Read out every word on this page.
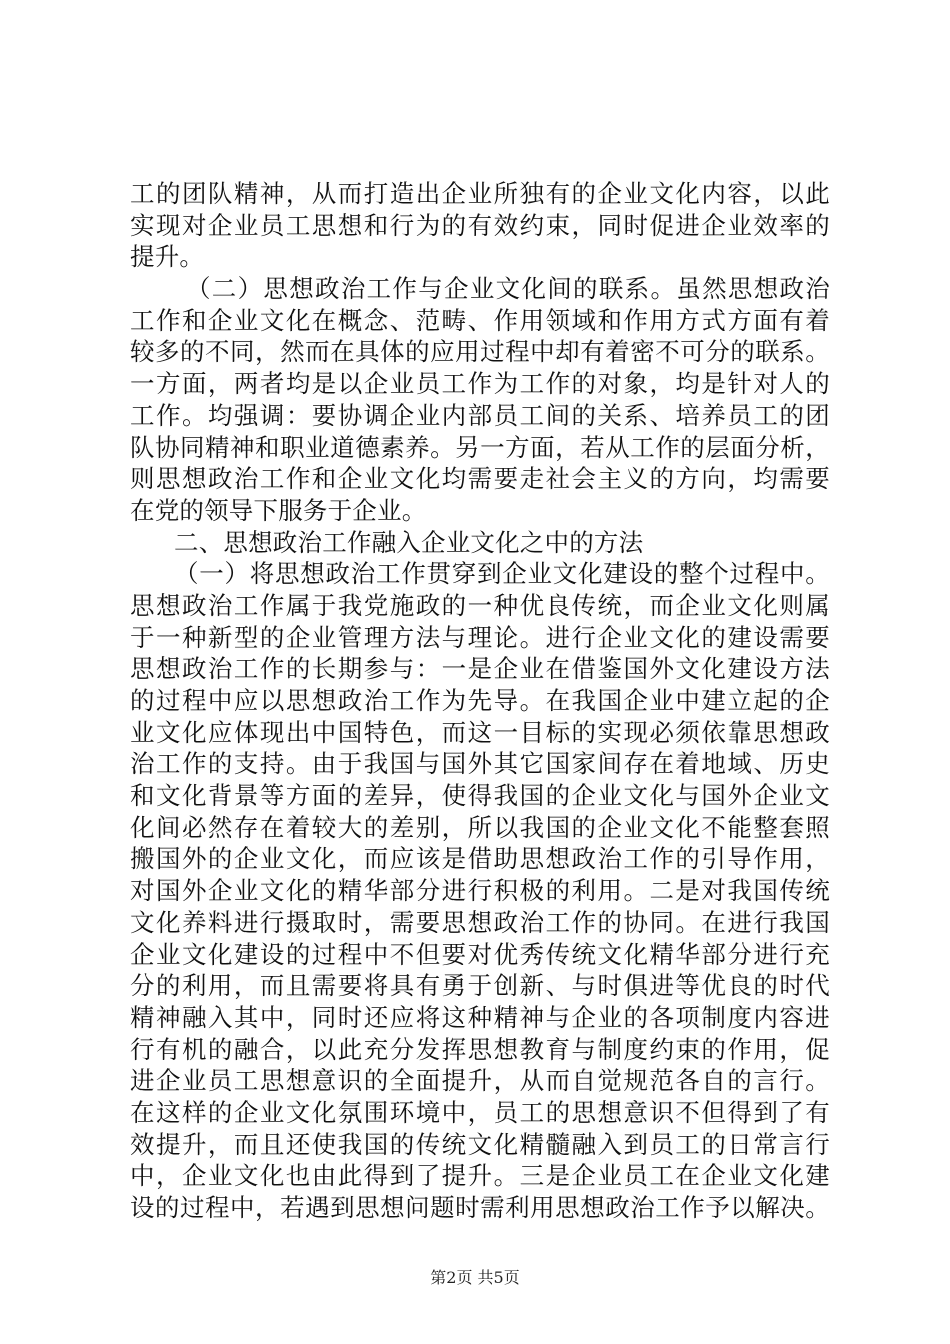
工的团队精神，从而打造出企业所独有的企业文化内容，以此
实现对企业员工思想和行为的有效约束，同时促进企业效率的
提升。
（二）思想政治工作与企业文化间的联系。虽然思想政治
工作和企业文化在概念、范畴、作用领域和作用方式方面有着
较多的不同，然而在具体的应用过程中却有着密不可分的联系。
一方面，两者均是以企业员工作为工作的对象，均是针对人的
工作。均强调：要协调企业内部员工间的关系、培养员工的团
队协同精神和职业道德素养。另一方面，若从工作的层面分析，
则思想政治工作和企业文化均需要走社会主义的方向，均需要
在党的领导下服务于企业。
二、思想政治工作融入企业文化之中的方法
（一）将思想政治工作贯穿到企业文化建设的整个过程中。
思想政治工作属于我党施政的一种优良传统，而企业文化则属
于一种新型的企业管理方法与理论。进行企业文化的建设需要
思想政治工作的长期参与：一是企业在借鉴国外文化建设方法
的过程中应以思想政治工作为先导。在我国企业中建立起的企
业文化应体现出中国特色，而这一目标的实现必须依靠思想政
治工作的支持。由于我国与国外其它国家间存在着地域、历史
和文化背景等方面的差异，使得我国的企业文化与国外企业文
化间必然存在着较大的差别，所以我国的企业文化不能整套照
搬国外的企业文化，而应该是借助思想政治工作的引导作用，
对国外企业文化的精华部分进行积极的利用。二是对我国传统
文化养料进行摄取时，需要思想政治工作的协同。在进行我国
企业文化建设的过程中不但要对优秀传统文化精华部分进行充
分的利用，而且需要将具有勇于创新、与时俱进等优良的时代
精神融入其中，同时还应将这种精神与企业的各项制度内容进
行有机的融合，以此充分发挥思想教育与制度约束的作用，促
进企业员工思想意识的全面提升，从而自觉规范各自的言行。
在这样的企业文化氛围环境中，员工的思想意识不但得到了有
效提升，而且还使我国的传统文化精髓融入到员工的日常言行
中，企业文化也由此得到了提升。三是企业员工在企业文化建
设的过程中，若遇到思想问题时需利用思想政治工作予以解决。
第2页 共5页
